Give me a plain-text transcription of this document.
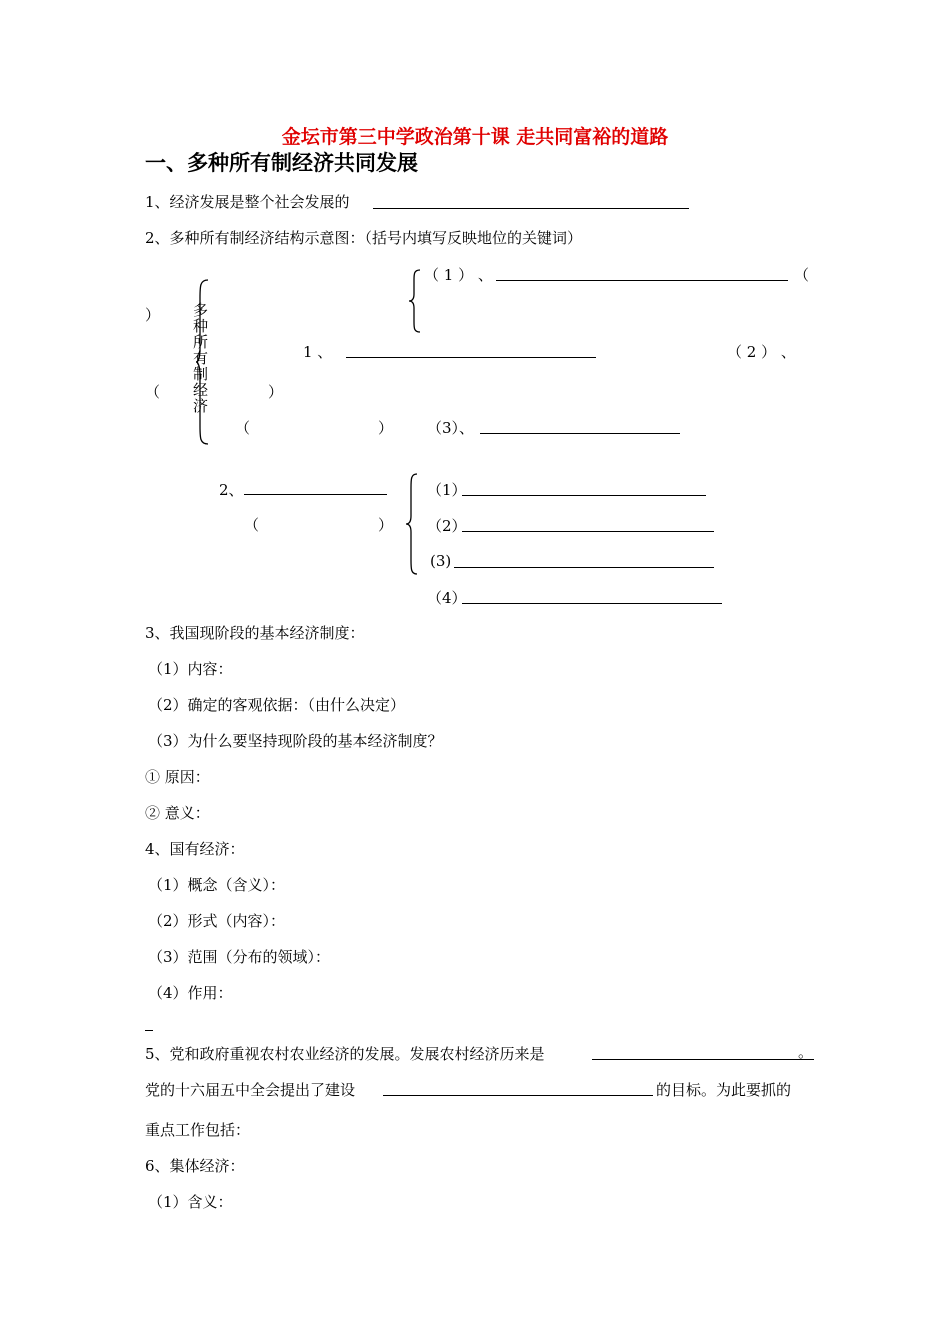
金坛市第三中学政治第十课 走共同富裕的道路
一、多种所有制经济共同发展
1、经济发展是整个社会发展的
2、多种所有制经济结构示意图：（括号内填写反映地位的关键词）
多种所有制经济
）
（	）
（ 1 ） 、	（
1 、	（ 2 ） 、
（	） （3）、
2、
（	）
（1）
（2）
(3)
（4）
3、我国现阶段的基本经济制度：
（1）内容：
（2）确定的客观依据：（由什么决定）
（3）为什么要坚持现阶段的基本经济制度？
① 原因：
② 意义：
4、国有经济：
（1）概念（含义）：
（2）形式（内容）：
（3）范围（分布的领域）：
（4）作用：
5、党和政府重视农村农业经济的发展。发展农村经济历来是	。
党的十六届五中全会提出了建设	的目标。为此要抓的
重点工作包括：
6、集体经济：
（1）含义：
